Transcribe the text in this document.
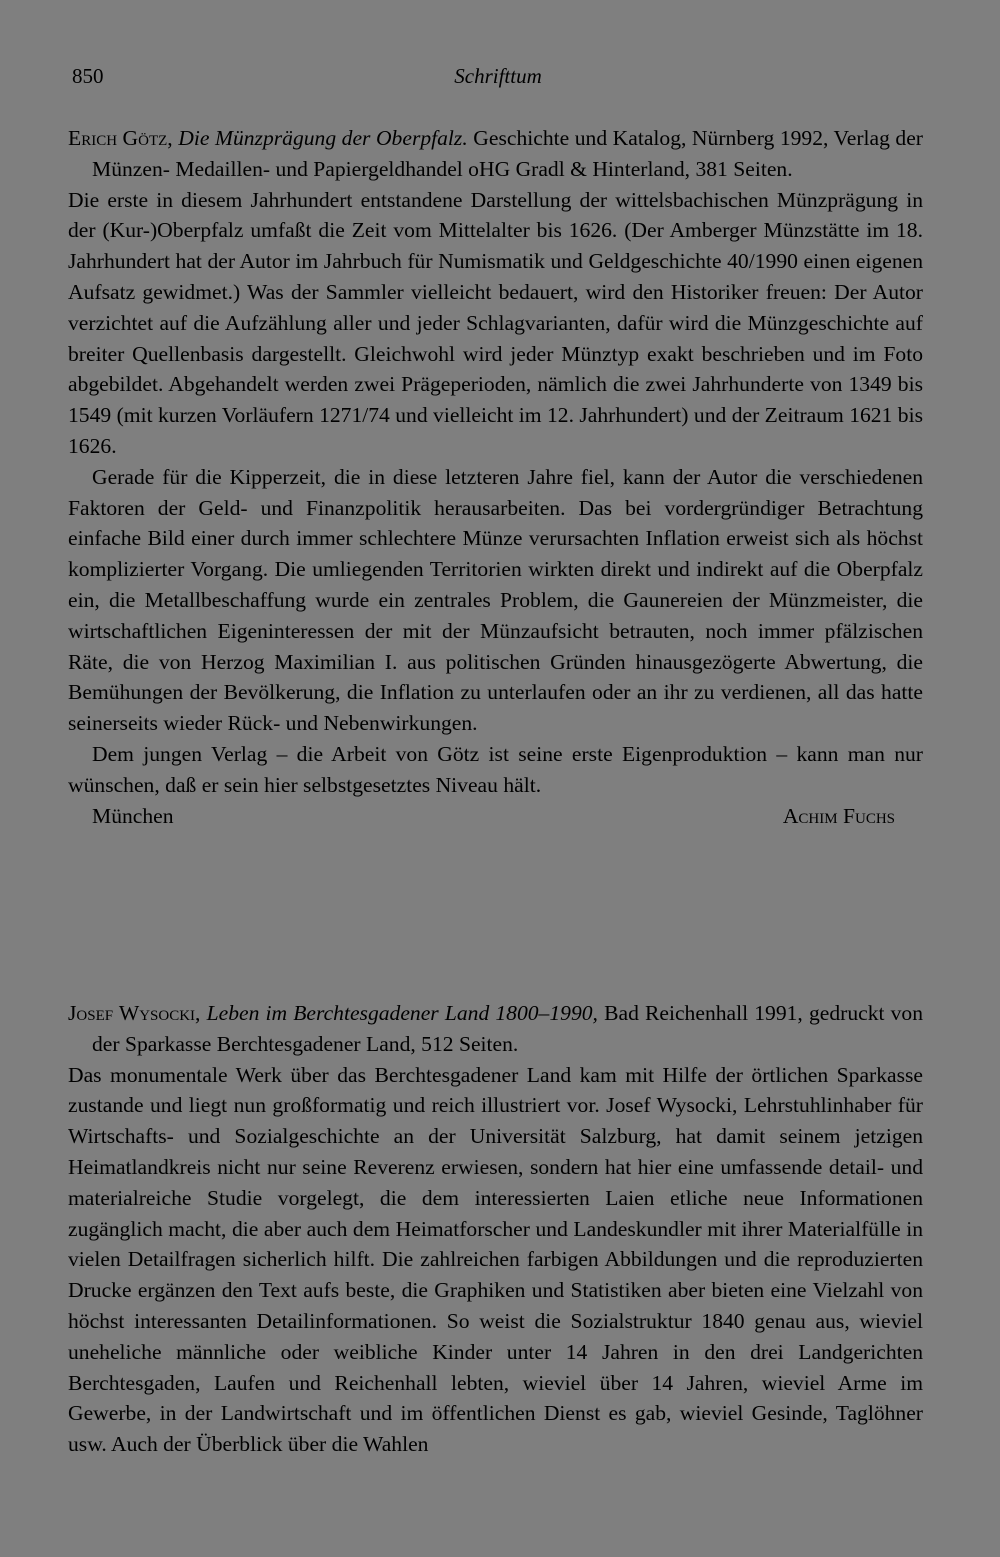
850	Schrifttum

Erich Götz, Die Münzprägung der Oberpfalz. Geschichte und Katalog, Nürnberg 1992, Verlag der Münzen- Medaillen- und Papiergeldhandel oHG Gradl & Hinterland, 381 Seiten.

Die erste in diesem Jahrhundert entstandene Darstellung der wittelsbachischen Münzprägung in der (Kur-)Oberpfalz umfaßt die Zeit vom Mittelalter bis 1626. (Der Amberger Münzstätte im 18. Jahrhundert hat der Autor im Jahrbuch für Numismatik und Geldgeschichte 40/1990 einen eigenen Aufsatz gewidmet.) Was der Sammler vielleicht bedauert, wird den Historiker freuen: Der Autor verzichtet auf die Aufzählung aller und jeder Schlagvarianten, dafür wird die Münzgeschichte auf breiter Quellenbasis dargestellt. Gleichwohl wird jeder Münztyp exakt beschrieben und im Foto abgebildet. Abgehandelt werden zwei Prägeperioden, nämlich die zwei Jahrhunderte von 1349 bis 1549 (mit kurzen Vorläufern 1271/74 und vielleicht im 12. Jahrhundert) und der Zeitraum 1621 bis 1626.

Gerade für die Kipperzeit, die in diese letzteren Jahre fiel, kann der Autor die verschiedenen Faktoren der Geld- und Finanzpolitik herausarbeiten. Das bei vordergründiger Betrachtung einfache Bild einer durch immer schlechtere Münze verursachten Inflation erweist sich als höchst komplizierter Vorgang. Die umliegenden Territorien wirkten direkt und indirekt auf die Oberpfalz ein, die Metallbeschaffung wurde ein zentrales Problem, die Gaunereien der Münzmeister, die wirtschaftlichen Eigeninteressen der mit der Münzaufsicht betrauten, noch immer pfälzischen Räte, die von Herzog Maximilian I. aus politischen Gründen hinausgezögerte Abwertung, die Bemühungen der Bevölkerung, die Inflation zu unterlaufen oder an ihr zu verdienen, all das hatte seinerseits wieder Rück- und Nebenwirkungen.

Dem jungen Verlag – die Arbeit von Götz ist seine erste Eigenproduktion – kann man nur wünschen, daß er sein hier selbstgesetztes Niveau hält.

München	Achim Fuchs

Josef Wysocki, Leben im Berchtesgadener Land 1800–1990, Bad Reichenhall 1991, gedruckt von der Sparkasse Berchtesgadener Land, 512 Seiten.

Das monumentale Werk über das Berchtesgadener Land kam mit Hilfe der örtlichen Sparkasse zustande und liegt nun großformatig und reich illustriert vor. Josef Wysocki, Lehrstuhlinhaber für Wirtschafts- und Sozialgeschichte an der Universität Salzburg, hat damit seinem jetzigen Heimatlandkreis nicht nur seine Reverenz erwiesen, sondern hat hier eine umfassende detail- und materialreiche Studie vorgelegt, die dem interessierten Laien etliche neue Informationen zugänglich macht, die aber auch dem Heimatforscher und Landeskundler mit ihrer Materialfülle in vielen Detailfragen sicherlich hilft. Die zahlreichen farbigen Abbildungen und die reproduzierten Drucke ergänzen den Text aufs beste, die Graphiken und Statistiken aber bieten eine Vielzahl von höchst interessanten Detailinformationen. So weist die Sozialstruktur 1840 genau aus, wieviel uneheliche männliche oder weibliche Kinder unter 14 Jahren in den drei Landgerichten Berchtesgaden, Laufen und Reichenhall lebten, wieviel über 14 Jahren, wieviel Arme im Gewerbe, in der Landwirtschaft und im öffentlichen Dienst es gab, wieviel Gesinde, Taglöhner usw. Auch der Überblick über die Wahlen
